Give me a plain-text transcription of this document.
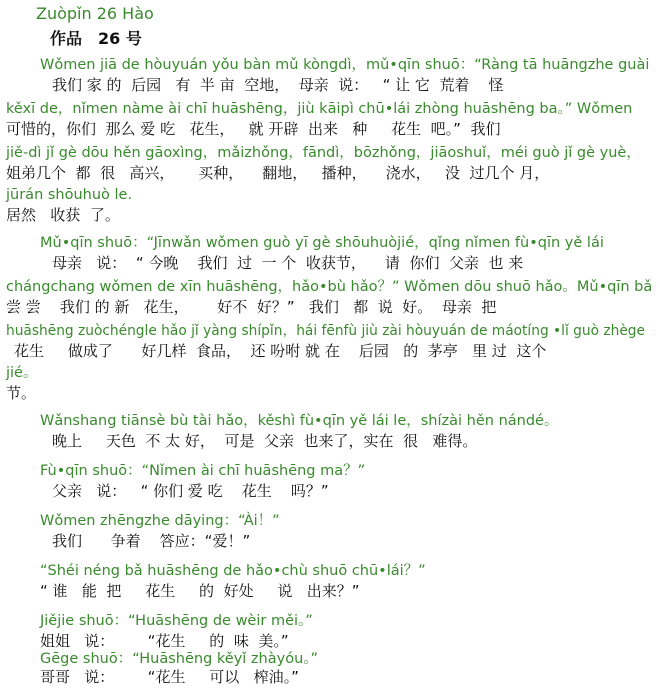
Zuòpǐn 26 Hào
作品　26 号
Wǒmen jiā de hòuyuán yǒu bàn mǔ kòngdì，mǔ•qīn shuō：“Ràng tā huāngzhe guài
我们 家 的  后园   有  半 亩  空地，  母亲  说：   “ 让 它  荒着    怪
kěxī de，nǐmen nàme ài chī huāshēng，jiù kāipì chū•lái zhòng huāshēng ba。” Wǒmen
可惜的，你们  那么 爱 吃   花生，   就 开辟  出来   种     花生  吧。”  我们
jiě-dì jǐ gè dōu hěn gāoxìng，mǎizhǒng，fāndì，bōzhǒng，jiāoshuǐ，méi guò jǐ gè yuè，
姐弟几个  都  很   高兴，     买种，    翻地，   播种，    浇水，   没  过几个 月，
jūrán shōuhuò le.
居然   收获  了。
Mǔ•qīn shuō：“Jīnwǎn wǒmen guò yī gè shōuhuòjié，qǐng nǐmen fù•qīn yě lái
母亲   说：  “ 今晚    我们  过  一 个  收获节，    请  你们  父亲  也 来
chángchang wǒmen de xīn huāshēng，hǎo•bù hǎo？” Wǒmen dōu shuō hǎo。Mǔ•qīn bǎ
尝 尝    我们 的 新   花生，      好不  好？”   我们   都  说  好。  母亲  把
huāshēng zuòchéngle hǎo jǐ yàng shípǐn，hái fēnfù jiù zài hòuyuán de máotíng •lǐ guò zhège
花生     做成了      好几样  食品，  还 吩咐 就 在    后园   的  茅亭   里 过  这个
jié。
节。
Wǎnshang tiānsè bù tài hǎo，kěshì fù•qīn yě lái le，shízài hěn nándé。
晚上     天色  不 太 好，  可是  父亲  也来了，实在  很   难得。
Fù•qīn shuō：“Nǐmen ài chī huāshēng ma？”
父亲   说：   “ 你们 爱 吃    花生    吗？”
Wǒmen zhēngzhe dāying：“Ài！”
我们      争着    答应：“爱！”
“Shéi néng bǎ huāshēng de hǎo•chù shuō chū•lái？”
“ 谁   能  把     花生     的  好处     说   出来？”
Jiějie shuō：“Huāshēng de wèir měi。”
姐姐   说：       “花生     的  味  美。”
Gēge shuō：“Huāshēng kěyǐ zhàyóu。”
哥哥   说：       “花生     可以   榨油。”
